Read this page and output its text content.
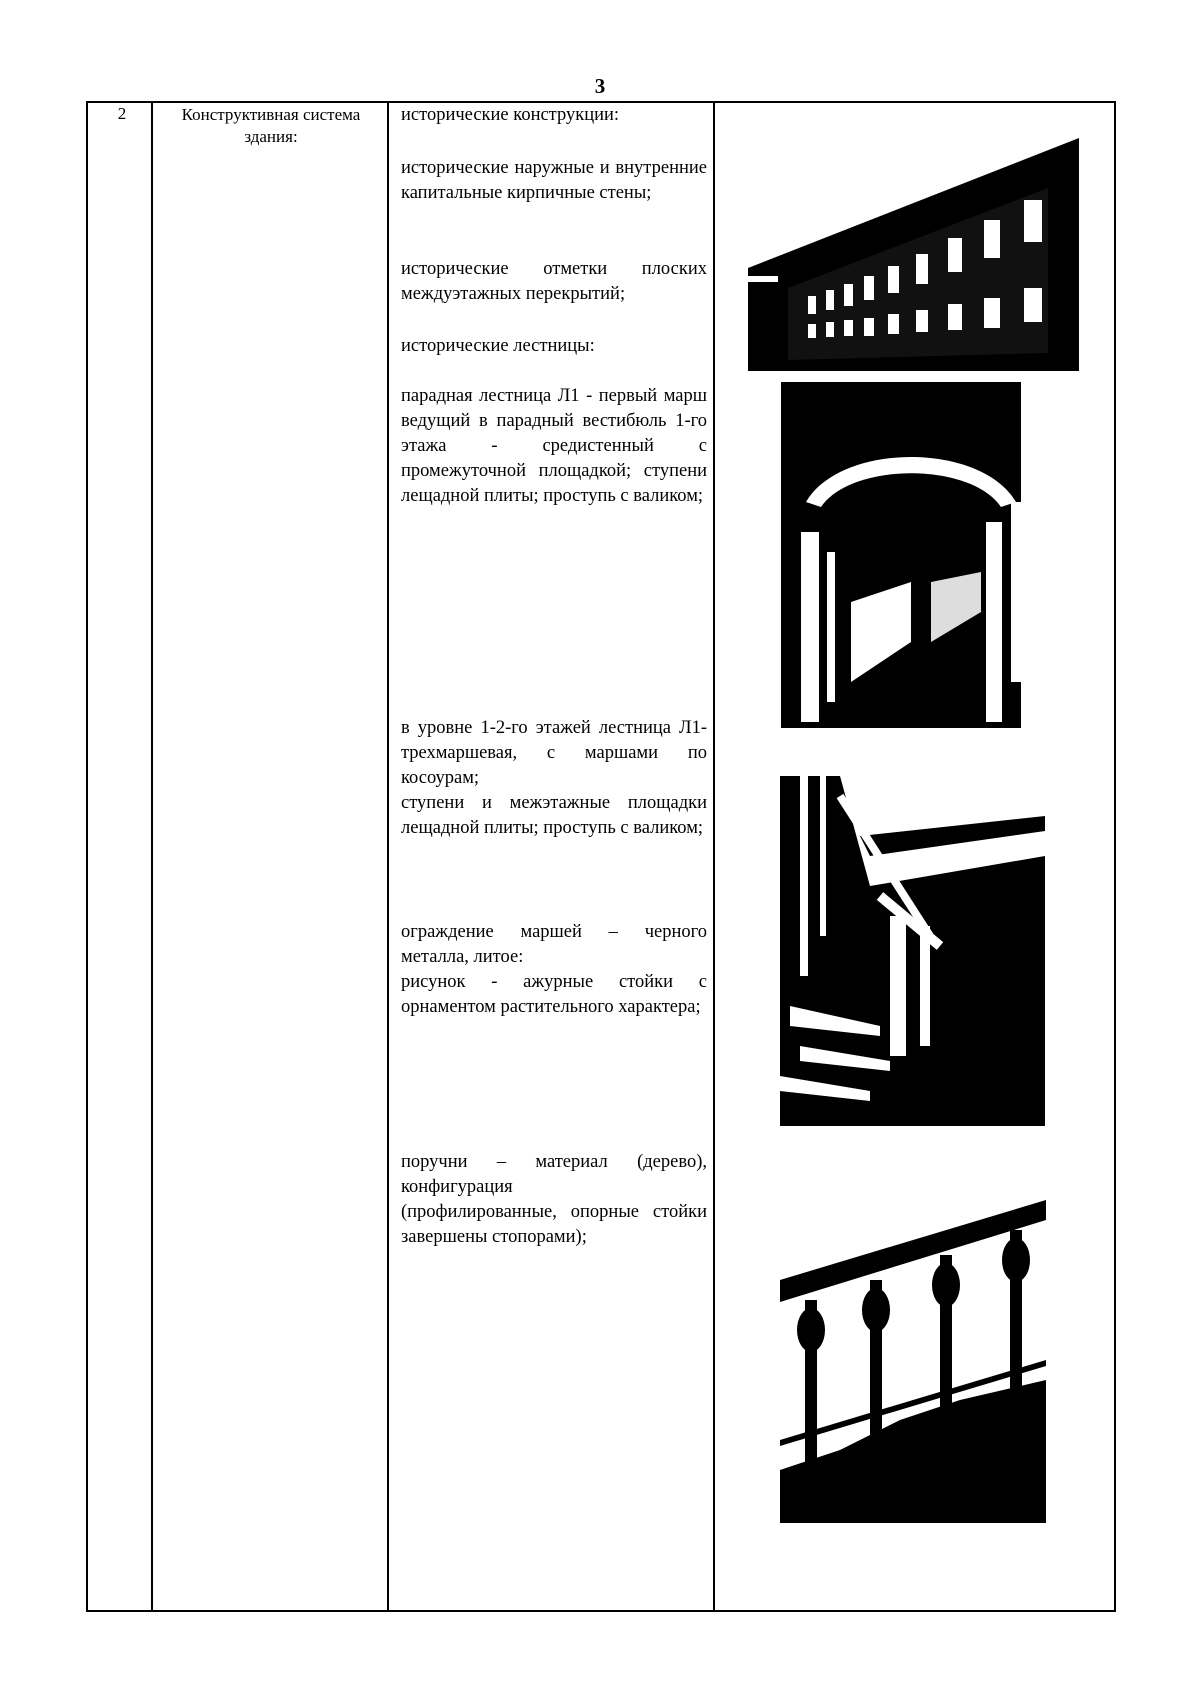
3
2	Конструктивная система здания:

исторические конструкции:

исторические наружные и внутренние капитальные кирпичные стены;

исторические отметки плоских междуэтажных перекрытий;

исторические лестницы:

парадная лестница Л1 - первый марш ведущий в парадный вестибюль 1-го этажа - средистенный с промежуточной площадкой; ступени лещадной плиты; проступь с валиком;

в уровне 1-2-го этажей лестница Л1- трехмаршевая, с маршами по косоурам;

ступени и межэтажные площадки лещадной плиты; проступь с валиком;

ограждение маршей – черного металла, литое:

рисунок - ажурные стойки с орнаментом растительного характера;

поручни – материал (дерево), конфигурация

(профилированные, опорные стойки завершены стопорами);
